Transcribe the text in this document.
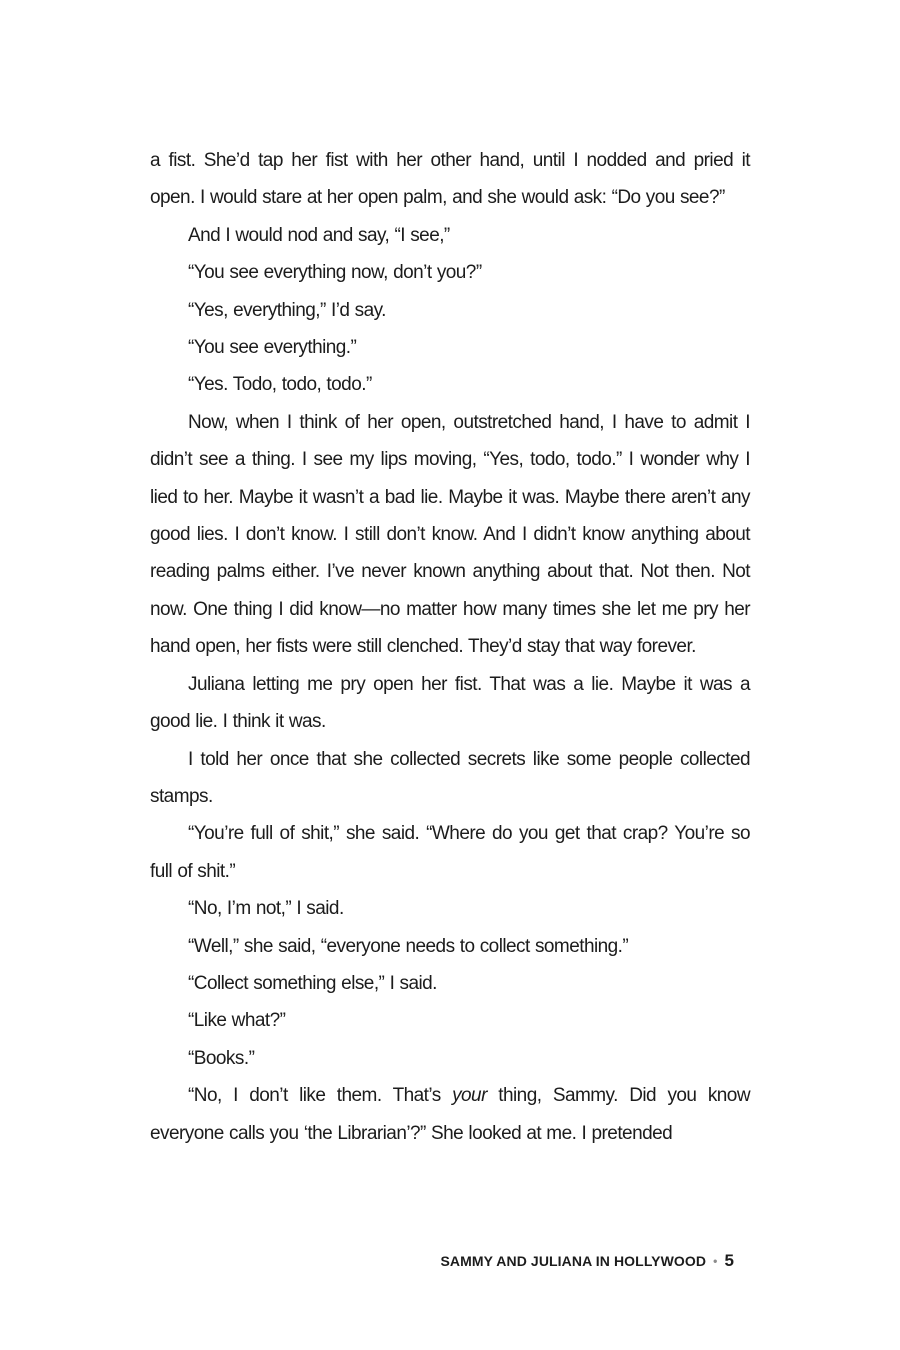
a fist. She’d tap her fist with her other hand, until I nodded and pried it open. I would stare at her open palm, and she would ask: “Do you see?”

And I would nod and say, “I see,”

“You see everything now, don’t you?”

“Yes, everything,” I’d say.

“You see everything.”

“Yes. Todo, todo, todo.”

Now, when I think of her open, outstretched hand, I have to admit I didn’t see a thing. I see my lips moving, “Yes, todo, todo.” I wonder why I lied to her. Maybe it wasn’t a bad lie. Maybe it was. Maybe there aren’t any good lies. I don’t know. I still don’t know. And I didn’t know anything about reading palms either. I’ve never known anything about that. Not then. Not now. One thing I did know—no matter how many times she let me pry her hand open, her fists were still clenched. They’d stay that way forever.

Juliana letting me pry open her fist. That was a lie. Maybe it was a good lie. I think it was.

I told her once that she collected secrets like some people collected stamps.

“You’re full of shit,” she said. “Where do you get that crap? You’re so full of shit.”

“No, I’m not,” I said.

“Well,” she said, “everyone needs to collect something.”

“Collect something else,” I said.

“Like what?”

“Books.”

“No, I don’t like them. That’s your thing, Sammy. Did you know everyone calls you ‘the Librarian’?” She looked at me. I pretended

SAMMY AND JULIANA IN HOLLYWOOD • 5
